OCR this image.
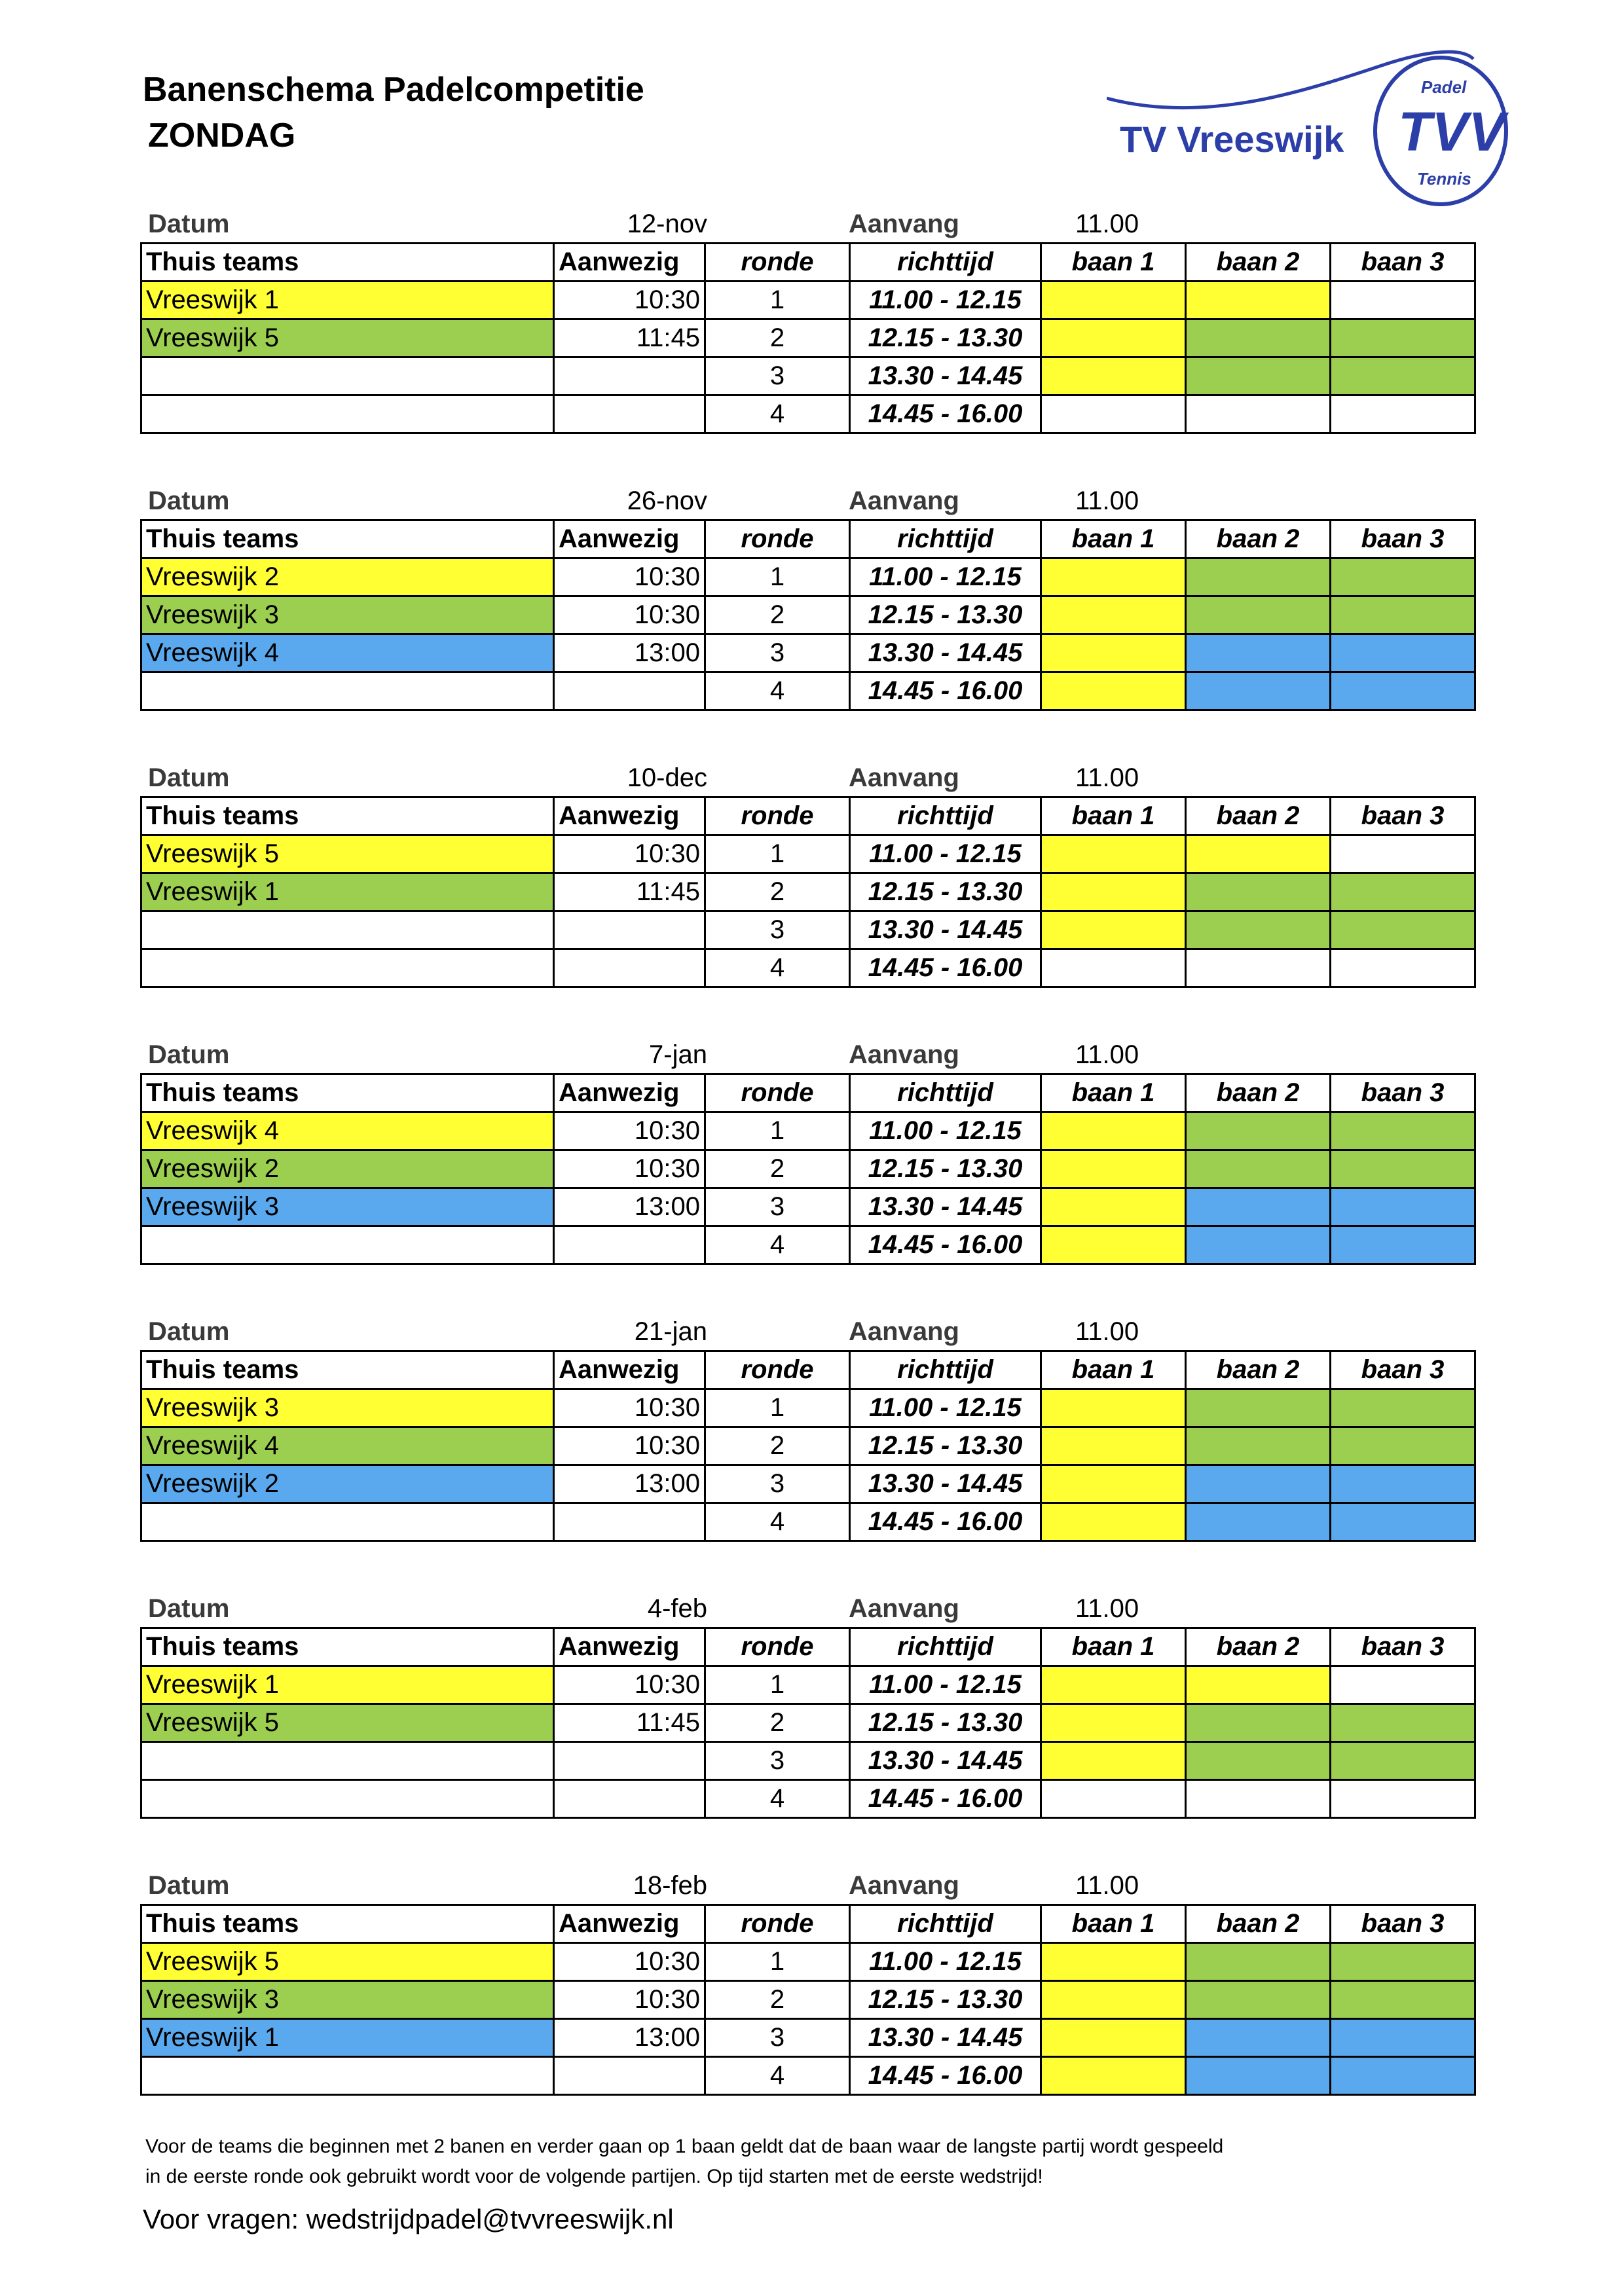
Banenschema Padelcompetitie
ZONDAG	TV Vreeswijk TVV
Padel
Tennis
Datum	12-nov	Aanvang	11.00
Thuis teams	Aanwezig	ronde	richttijd	baan 1	baan 2	baan 3
Vreeswijk 1	10:30	1	11.00 - 12.15			
Vreeswijk 5	11:45	2	12.15 - 13.30			
		3	13.30 - 14.45			
		4	14.45 - 16.00			
Datum	26-nov	Aanvang	11.00
Thuis teams	Aanwezig	ronde	richttijd	baan 1	baan 2	baan 3
Vreeswijk 2	10:30	1	11.00 - 12.15			
Vreeswijk 3	10:30	2	12.15 - 13.30			
Vreeswijk 4	13:00	3	13.30 - 14.45			
		4	14.45 - 16.00			
Datum	10-dec	Aanvang	11.00
Thuis teams	Aanwezig	ronde	richttijd	baan 1	baan 2	baan 3
Vreeswijk 5	10:30	1	11.00 - 12.15			
Vreeswijk 1	11:45	2	12.15 - 13.30			
		3	13.30 - 14.45			
		4	14.45 - 16.00			
Datum	7-jan	Aanvang	11.00
Thuis teams	Aanwezig	ronde	richttijd	baan 1	baan 2	baan 3
Vreeswijk 4	10:30	1	11.00 - 12.15			
Vreeswijk 2	10:30	2	12.15 - 13.30			
Vreeswijk 3	13:00	3	13.30 - 14.45			
		4	14.45 - 16.00			
Datum	21-jan	Aanvang	11.00
Thuis teams	Aanwezig	ronde	richttijd	baan 1	baan 2	baan 3
Vreeswijk 3	10:30	1	11.00 - 12.15			
Vreeswijk 4	10:30	2	12.15 - 13.30			
Vreeswijk 2	13:00	3	13.30 - 14.45			
		4	14.45 - 16.00			
Datum	4-feb	Aanvang	11.00
Thuis teams	Aanwezig	ronde	richttijd	baan 1	baan 2	baan 3
Vreeswijk 1	10:30	1	11.00 - 12.15			
Vreeswijk 5	11:45	2	12.15 - 13.30			
		3	13.30 - 14.45			
		4	14.45 - 16.00			
Datum	18-feb	Aanvang	11.00
Thuis teams	Aanwezig	ronde	richttijd	baan 1	baan 2	baan 3
Vreeswijk 5	10:30	1	11.00 - 12.15			
Vreeswijk 3	10:30	2	12.15 - 13.30			
Vreeswijk 1	13:00	3	13.30 - 14.45			
		4	14.45 - 16.00			

Voor de teams die beginnen met 2 banen en verder gaan op 1 baan geldt dat de baan waar de langste partij wordt gespeeld

in de eerste ronde ook gebruikt wordt voor de volgende partijen. Op tijd starten met de eerste wedstrijd!

Voor vragen: wedstrijdpadel@tvvreeswijk.nl
